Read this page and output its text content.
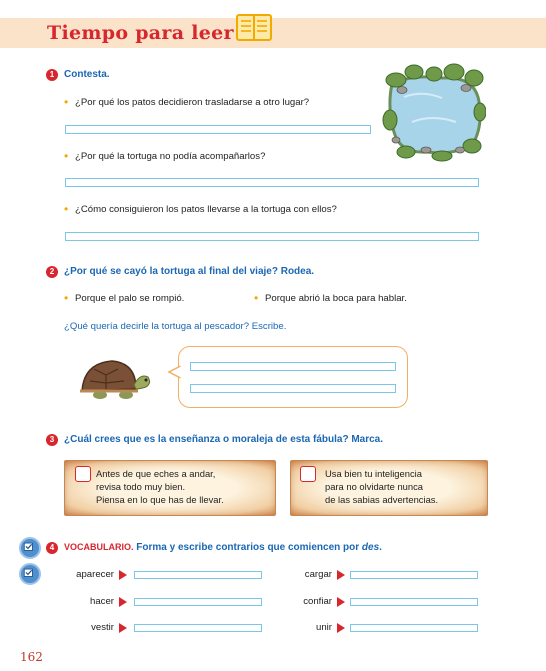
Tiempo para leer
1 Contesta.
• ¿Por qué los patos decidieron trasladarse a otro lugar?
• ¿Por qué la tortuga no podía acompañarlos?
• ¿Cómo consiguieron los patos llevarse a la tortuga con ellos?
2 ¿Por qué se cayó la tortuga al final del viaje? Rodea.
• Porque el palo se rompió.	• Porque abrió la boca para hablar.
¿Qué quería decirle la tortuga al pescador? Escribe.
3 ¿Cuál crees que es la enseñanza o moraleja de esta fábula? Marca.
Antes de que eches a andar,
revisa todo muy bien.
Piensa en lo que has de llevar.
Usa bien tu inteligencia
para no olvidarte nunca
de las sabias advertencias.
4	VOCABULARIO. Forma y escribe contrarios que comiencen por des.
aparecer
hacer
vestir
cargar
confiar
unir
162
